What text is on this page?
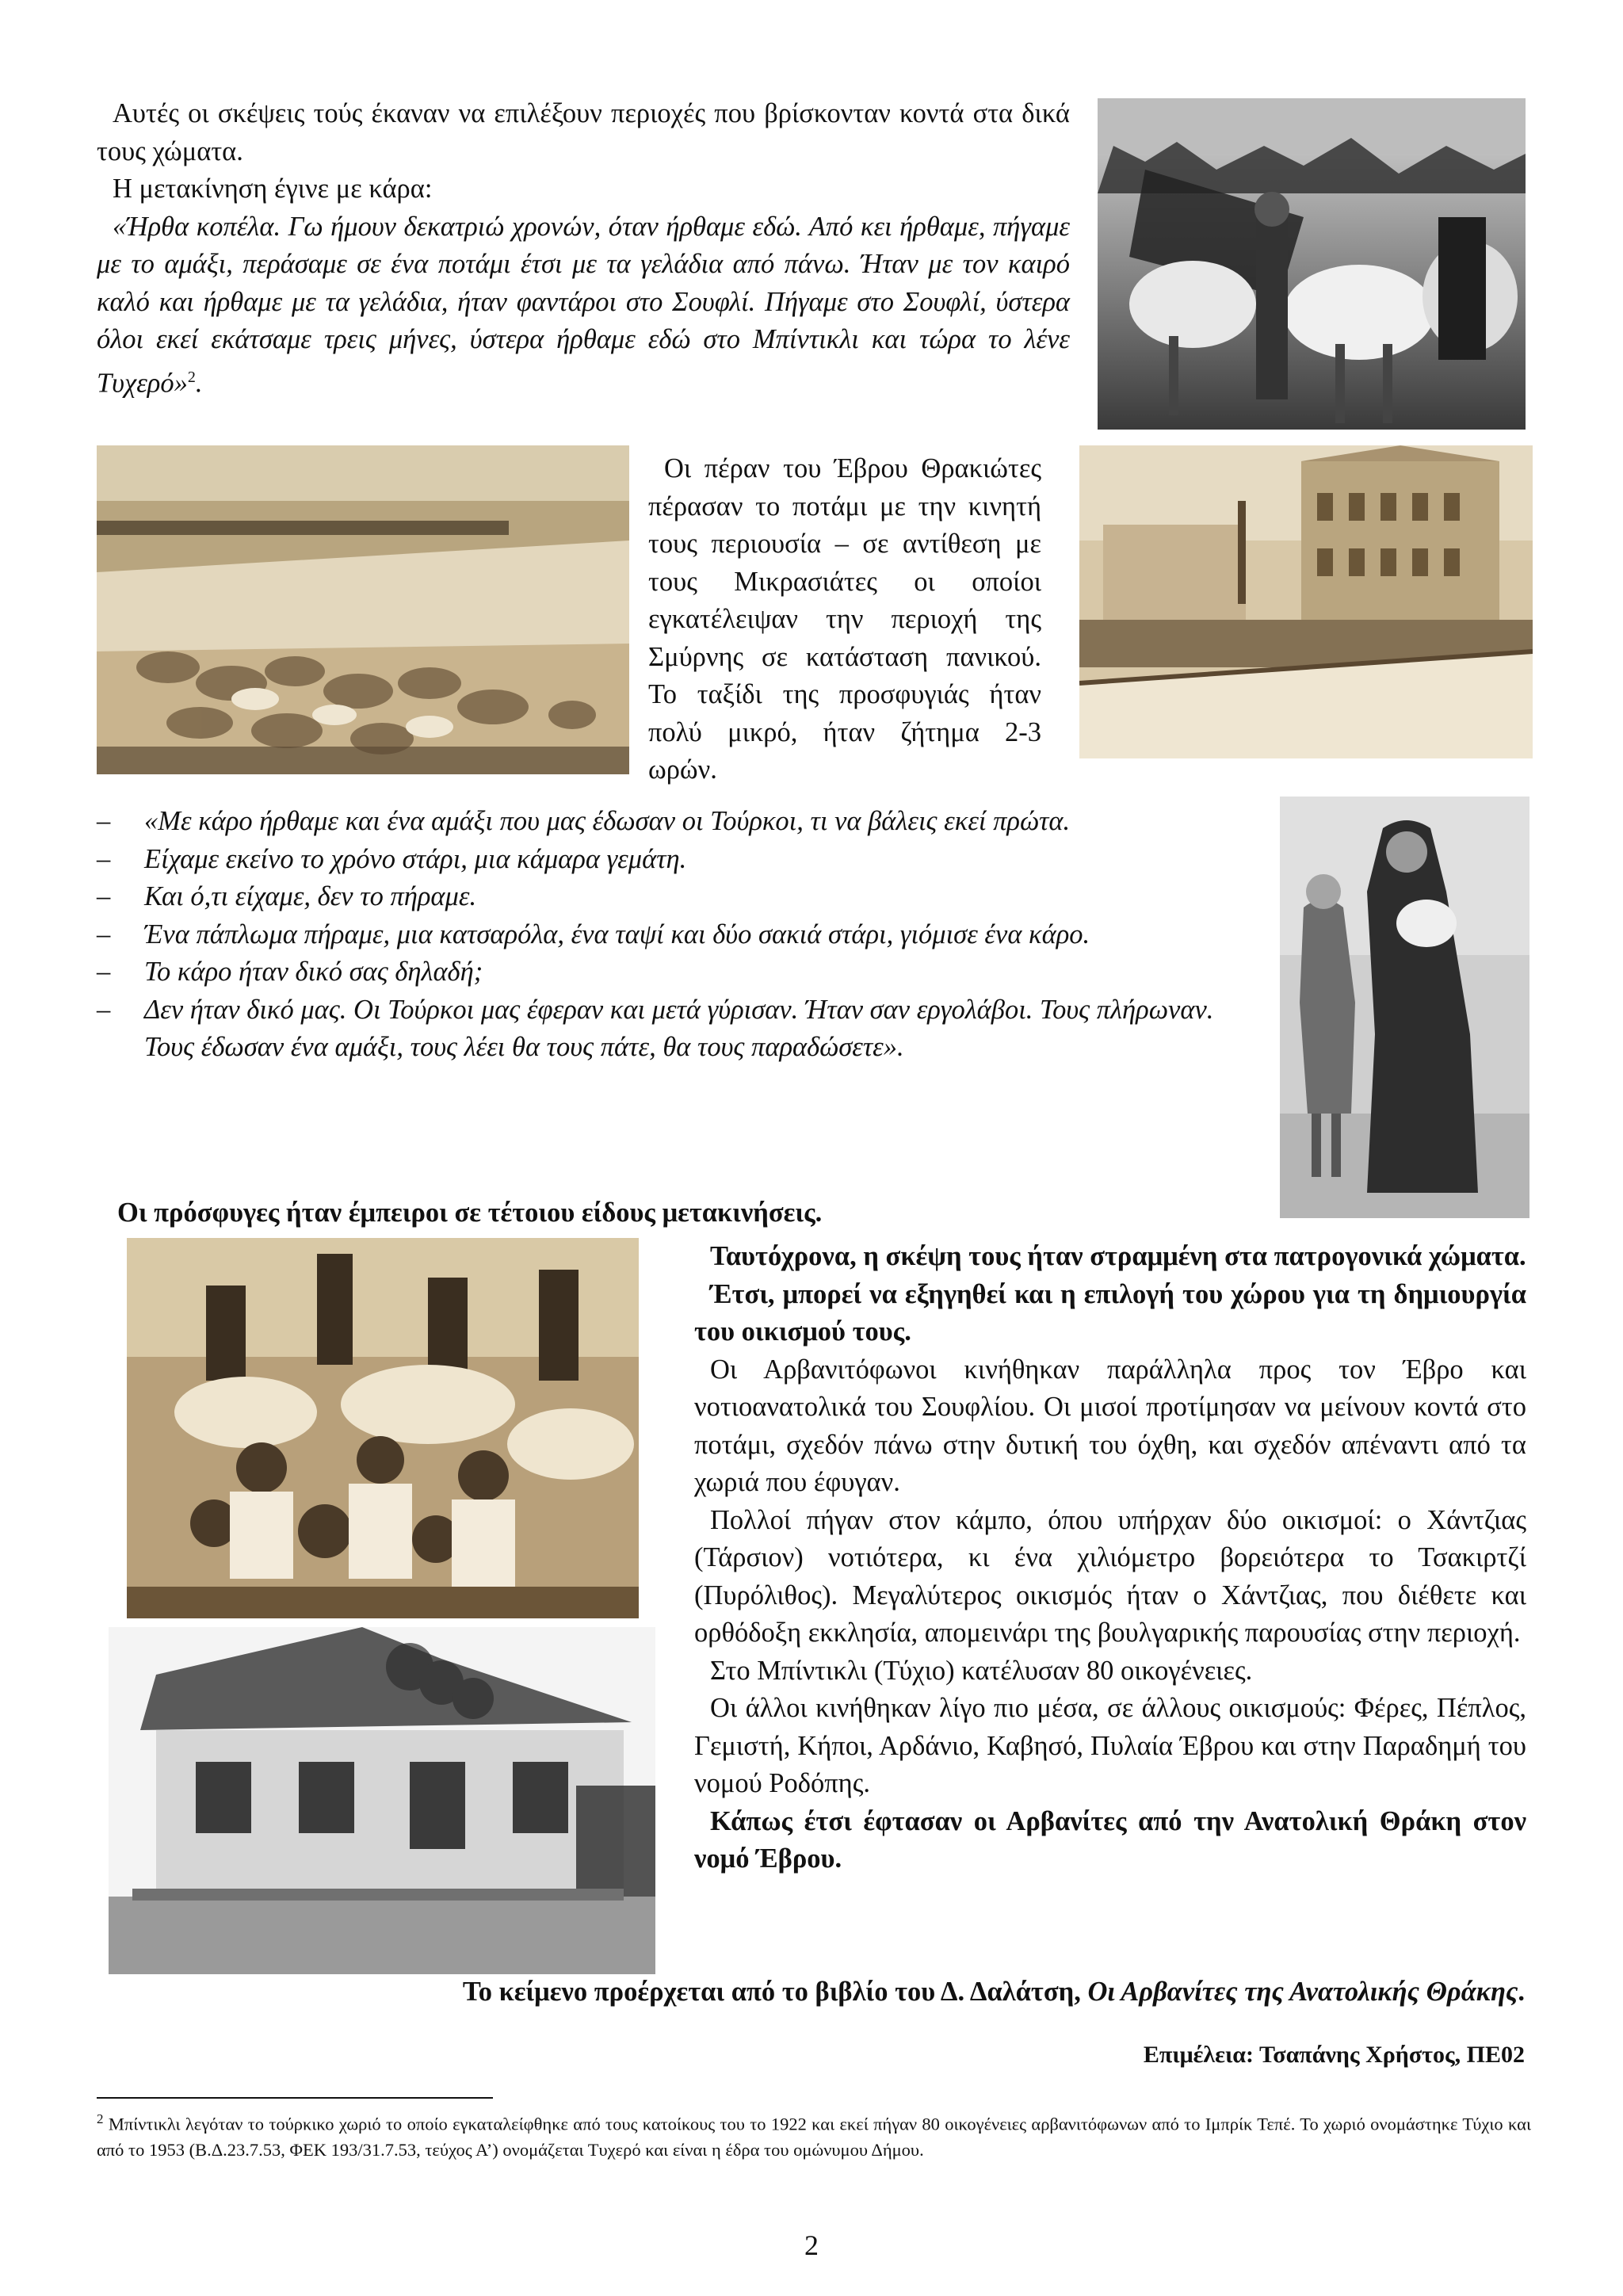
Αυτές οι σκέψεις τούς έκαναν να επιλέξουν περιοχές που βρίσκονταν κοντά στα δικά τους χώματα.

Η μετακίνηση έγινε με κάρα:

«Ήρθα κοπέλα. Γω ήμουν δεκατριώ χρονών, όταν ήρθαμε εδώ. Από κει ήρθαμε, πήγαμε με το αμάξι, περάσαμε σε ένα ποτάμι έτσι με τα γελάδια από πάνω. Ήταν με τον καιρό καλό και ήρθαμε με τα γελάδια, ήταν φαντάροι στο Σουφλί. Πήγαμε στο Σουφλί, ύστερα όλοι εκεί εκάτσαμε τρεις μήνες, ύστερα ήρθαμε εδώ στο Μπίντικλι και τώρα το λένε Τυχερό»$^2$.

Οι πέραν του Έβρου Θρακιώτες πέρασαν το ποτάμι με την κινητή τους περιουσία – σε αντίθεση με τους Μικρασιάτες οι οποίοι εγκατέλειψαν την περιοχή της Σμύρνης σε κατάσταση πανικού. Το ταξίδι της προσφυγιάς ήταν πολύ μικρό, ήταν ζήτημα 2-3 ωρών.

– «Με κάρο ήρθαμε και ένα αμάξι που μας έδωσαν οι Τούρκοι, τι να βάλεις εκεί πρώτα.
– Είχαμε εκείνο το χρόνο στάρι, μια κάμαρα γεμάτη.
– Και ό,τι είχαμε, δεν το πήραμε.
– Ένα πάπλωμα πήραμε, μια κατσαρόλα, ένα ταψί και δύο σακιά στάρι, γιόμισε ένα κάρο.
– Το κάρο ήταν δικό σας δηλαδή;
– Δεν ήταν δικό μας. Οι Τούρκοι μας έφεραν και μετά γύρισαν. Ήταν σαν εργολάβοι. Τους πλήρωναν. Τους έδωσαν ένα αμάξι, τους λέει θα τους πάτε, θα τους παραδώσετε».
Οι πρόσφυγες ήταν έμπειροι σε τέτοιου είδους μετακινήσεις.

Ταυτόχρονα, η σκέψη τους ήταν στραμμένη στα πατρογονικά χώματα.

Έτσι, μπορεί να εξηγηθεί και η επιλογή του χώρου για τη δημιουργία του οικισμού τους.

Οι Αρβανιτόφωνοι κινήθηκαν παράλληλα προς τον Έβρο και νοτιοανατολικά του Σουφλίου. Οι μισοί προτίμησαν να μείνουν κοντά στο ποτάμι, σχεδόν πάνω στην δυτική του όχθη, και σχεδόν απέναντι από τα χωριά που έφυγαν.

Πολλοί πήγαν στον κάμπο, όπου υπήρχαν δύο οικισμοί: ο Χάντζιας (Τάρσιον) νοτιότερα, κι ένα χιλιόμετρο βορειότερα το Τσακιρτζί (Πυρόλιθος). Μεγαλύτερος οικισμός ήταν ο Χάντζιας, που διέθετε και ορθόδοξη εκκλησία, απομεινάρι της βουλγαρικής παρουσίας στην περιοχή.

Στο Μπίντικλι (Τύχιο) κατέλυσαν 80 οικογένειες.

Οι άλλοι κινήθηκαν λίγο πιο μέσα, σε άλλους οικισμούς: Φέρες, Πέπλος, Γεμιστή, Κήποι, Αρδάνιο, Καβησό, Πυλαία Έβρου και στην Παραδημή του νομού Ροδόπης.

Κάπως έτσι έφτασαν οι Αρβανίτες από την Ανατολική Θράκη στον νομό Έβρου.

Το κείμενο προέρχεται από το βιβλίο του Δ. Δαλάτση, Οι Αρβανίτες της Ανατολικής Θράκης.
Επιμέλεια: Τσαπάνης Χρήστος, ΠΕ02
$^2$ Μπίντικλι λεγόταν το τούρκικο χωριό το οποίο εγκαταλείφθηκε από τους κατοίκους του το 1922 και εκεί πήγαν 80 οικογένειες αρβανιτόφωνων από το Ιμπρίκ Τεπέ. Το χωριό ονομάστηκε Τύχιο και από το 1953 (Β.Δ.23.7.53, ΦΕΚ 193/31.7.53, τεύχος Α’) ονομάζεται Τυχερό και είναι η έδρα του ομώνυμου Δήμου.
2
